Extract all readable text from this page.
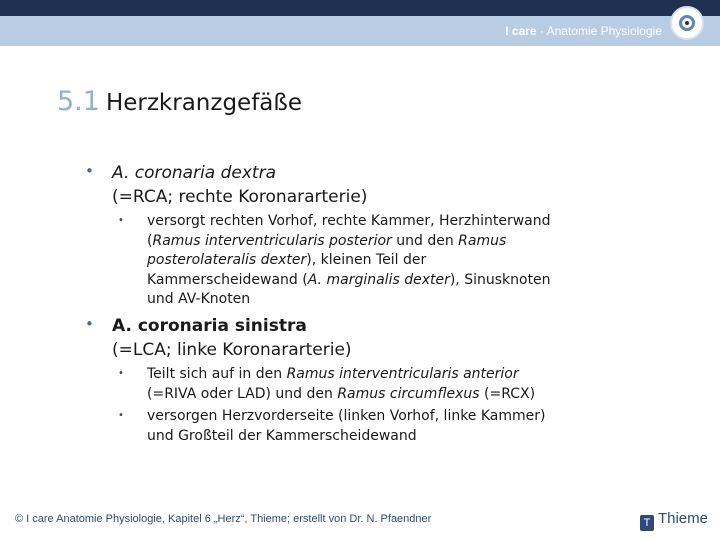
I care · Anatomie Physiologie
5.1 Herzkranzgefäße
• A. coronaria dextra
(=RCA; rechte Koronararterie)
• versorgt rechten Vorhof, rechte Kammer, Herzhinterwand
(Ramus interventricularis posterior und den Ramus
posterolateralis dexter), kleinen Teil der
Kammerscheidewand (A. marginalis dexter), Sinusknoten
und AV-Knoten
• A. coronaria sinistra
(=LCA; linke Koronararterie)
• Teilt sich auf in den Ramus interventricularis anterior
(=RIVA oder LAD) und den Ramus circumflexus (=RCX)
• versorgen Herzvorderseite (linken Vorhof, linke Kammer)
und Großteil der Kammerscheidewand
© I care Anatomie Physiologie, Kapitel 6 „Herz“, Thieme; erstellt von Dr. N. Pfaendner	T Thieme
